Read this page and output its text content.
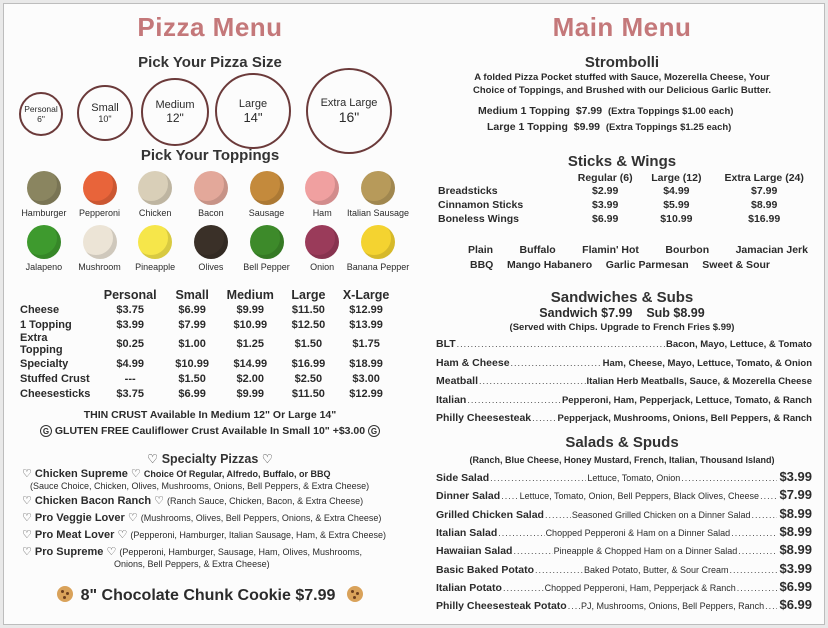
Pizza Menu
Pick Your Pizza Size
Personal
6"
Small
10"
Medium
12"
Large
14"
Extra Large
16"
Pick Your Toppings
Hamburger Pepperoni Chicken	Bacon	Sausage	Ham Italian Sausage
Jalapeno Mushroom Pineapple	Olives Bell Pepper Onion Banana Pepper
	Personal	Small	Medium	Large	X-Large
Cheese	$3.75	$6.99	$9.99	$11.50	$12.99
1 Topping	$3.99	$7.99	$10.99	$12.50	$13.99
Extra Topping	$0.25	$1.00	$1.25	$1.50	$1.75
Specialty	$4.99	$10.99	$14.99	$16.99	$18.99
Stuffed Crust	---	$1.50	$2.00	$2.50	$3.00
Cheesesticks	$3.75	$6.99	$9.99	$11.50	$12.99
THIN CRUST Available In Medium 12" Or Large 14"
G GLUTEN FREE Cauliflower Crust Available In Small 10" +$3.00 G
♡ Specialty Pizzas ♡
♡ Chicken Supreme ♡ Choice Of Regular, Alfredo, Buffalo, or BBQ
(Sauce Choice, Chicken, Olives, Mushrooms, Onions, Bell Peppers, & Extra Cheese)
♡ Chicken Bacon Ranch ♡ (Ranch Sauce, Chicken, Bacon, & Extra Cheese)
♡ Pro Veggie Lover ♡ (Mushrooms, Olives, Bell Peppers, Onions, & Extra Cheese)
♡ Pro Meat Lover ♡ (Pepperoni, Hamburger, Italian Sausage, Ham, & Extra Cheese)
♡ Pro Supreme ♡ (Pepperoni, Hamburger, Sausage, Ham, Olives, Mushrooms,
Onions, Bell Peppers, & Extra Cheese)
8" Chocolate Chunk Cookie $7.99
Main Menu
Strombolli
A folded Pizza Pocket stuffed with Sauce, Mozerella Cheese, Your
Choice of Toppings, and Brushed with our Delicious Garlic Butter.
Medium 1 Topping $7.99 (Extra Toppings $1.00 each)
Large 1 Topping $9.99 (Extra Toppings $1.25 each)
Sticks & Wings
	Regular (6)	Large (12)	Extra Large (24)
Breadsticks	$2.99	$4.99	$7.99
Cinnamon Sticks	$3.99	$5.99	$8.99
Boneless Wings	$6.99	$10.99	$16.99
Plain	Buffalo	Flamin' Hot	Bourbon	Jamacian Jerk
BBQ Mango Habanero Garlic Parmesan Sweet & Sour
Sandwiches & Subs
Sandwich $7.99 Sub $8.99
(Served with Chips. Upgrade to French Fries $.99)
BLT .....	Bacon, Mayo, Lettuce, & Tomato
Ham & Cheese .....	Ham, Cheese, Mayo, Lettuce, Tomato, & Onion
Meatball .....	Italian Herb Meatballs, Sauce, & Mozerella Cheese
Italian .....	Pepperoni, Ham, Pepperjack, Lettuce, Tomato, & Ranch
Philly Cheesesteak .....	Pepperjack, Mushrooms, Onions, Bell Peppers, & Ranch
Salads & Spuds
(Ranch, Blue Cheese, Honey Mustard, French, Italian, Thousand Island)
Side Salad .....	Lettuce, Tomato, Onion .....	$3.99
Dinner Salad ..... Lettuce, Tomato, Onion, Bell Peppers, Black Olives, Cheese ..... $7.99
Grilled Chicken Salad .....	Seasoned Grilled Chicken on a Dinner Salad ..... $8.99
Italian Salad .....	Chopped Pepperoni & Ham on a Dinner Salad .....	$8.99
Hawaiian Salad .....	Pineapple & Chopped Ham on a Dinner Salad .....	$8.99
Basic Baked Potato .....	Baked Potato, Butter, & Sour Cream .....	$3.99
Italian Potato .....	Chopped Pepperoni, Ham, Pepperjack & Ranch .....	$6.99
Philly Cheesesteak Potato ..... PJ, Mushrooms, Onions, Bell Peppers, Ranch ..... $6.99
